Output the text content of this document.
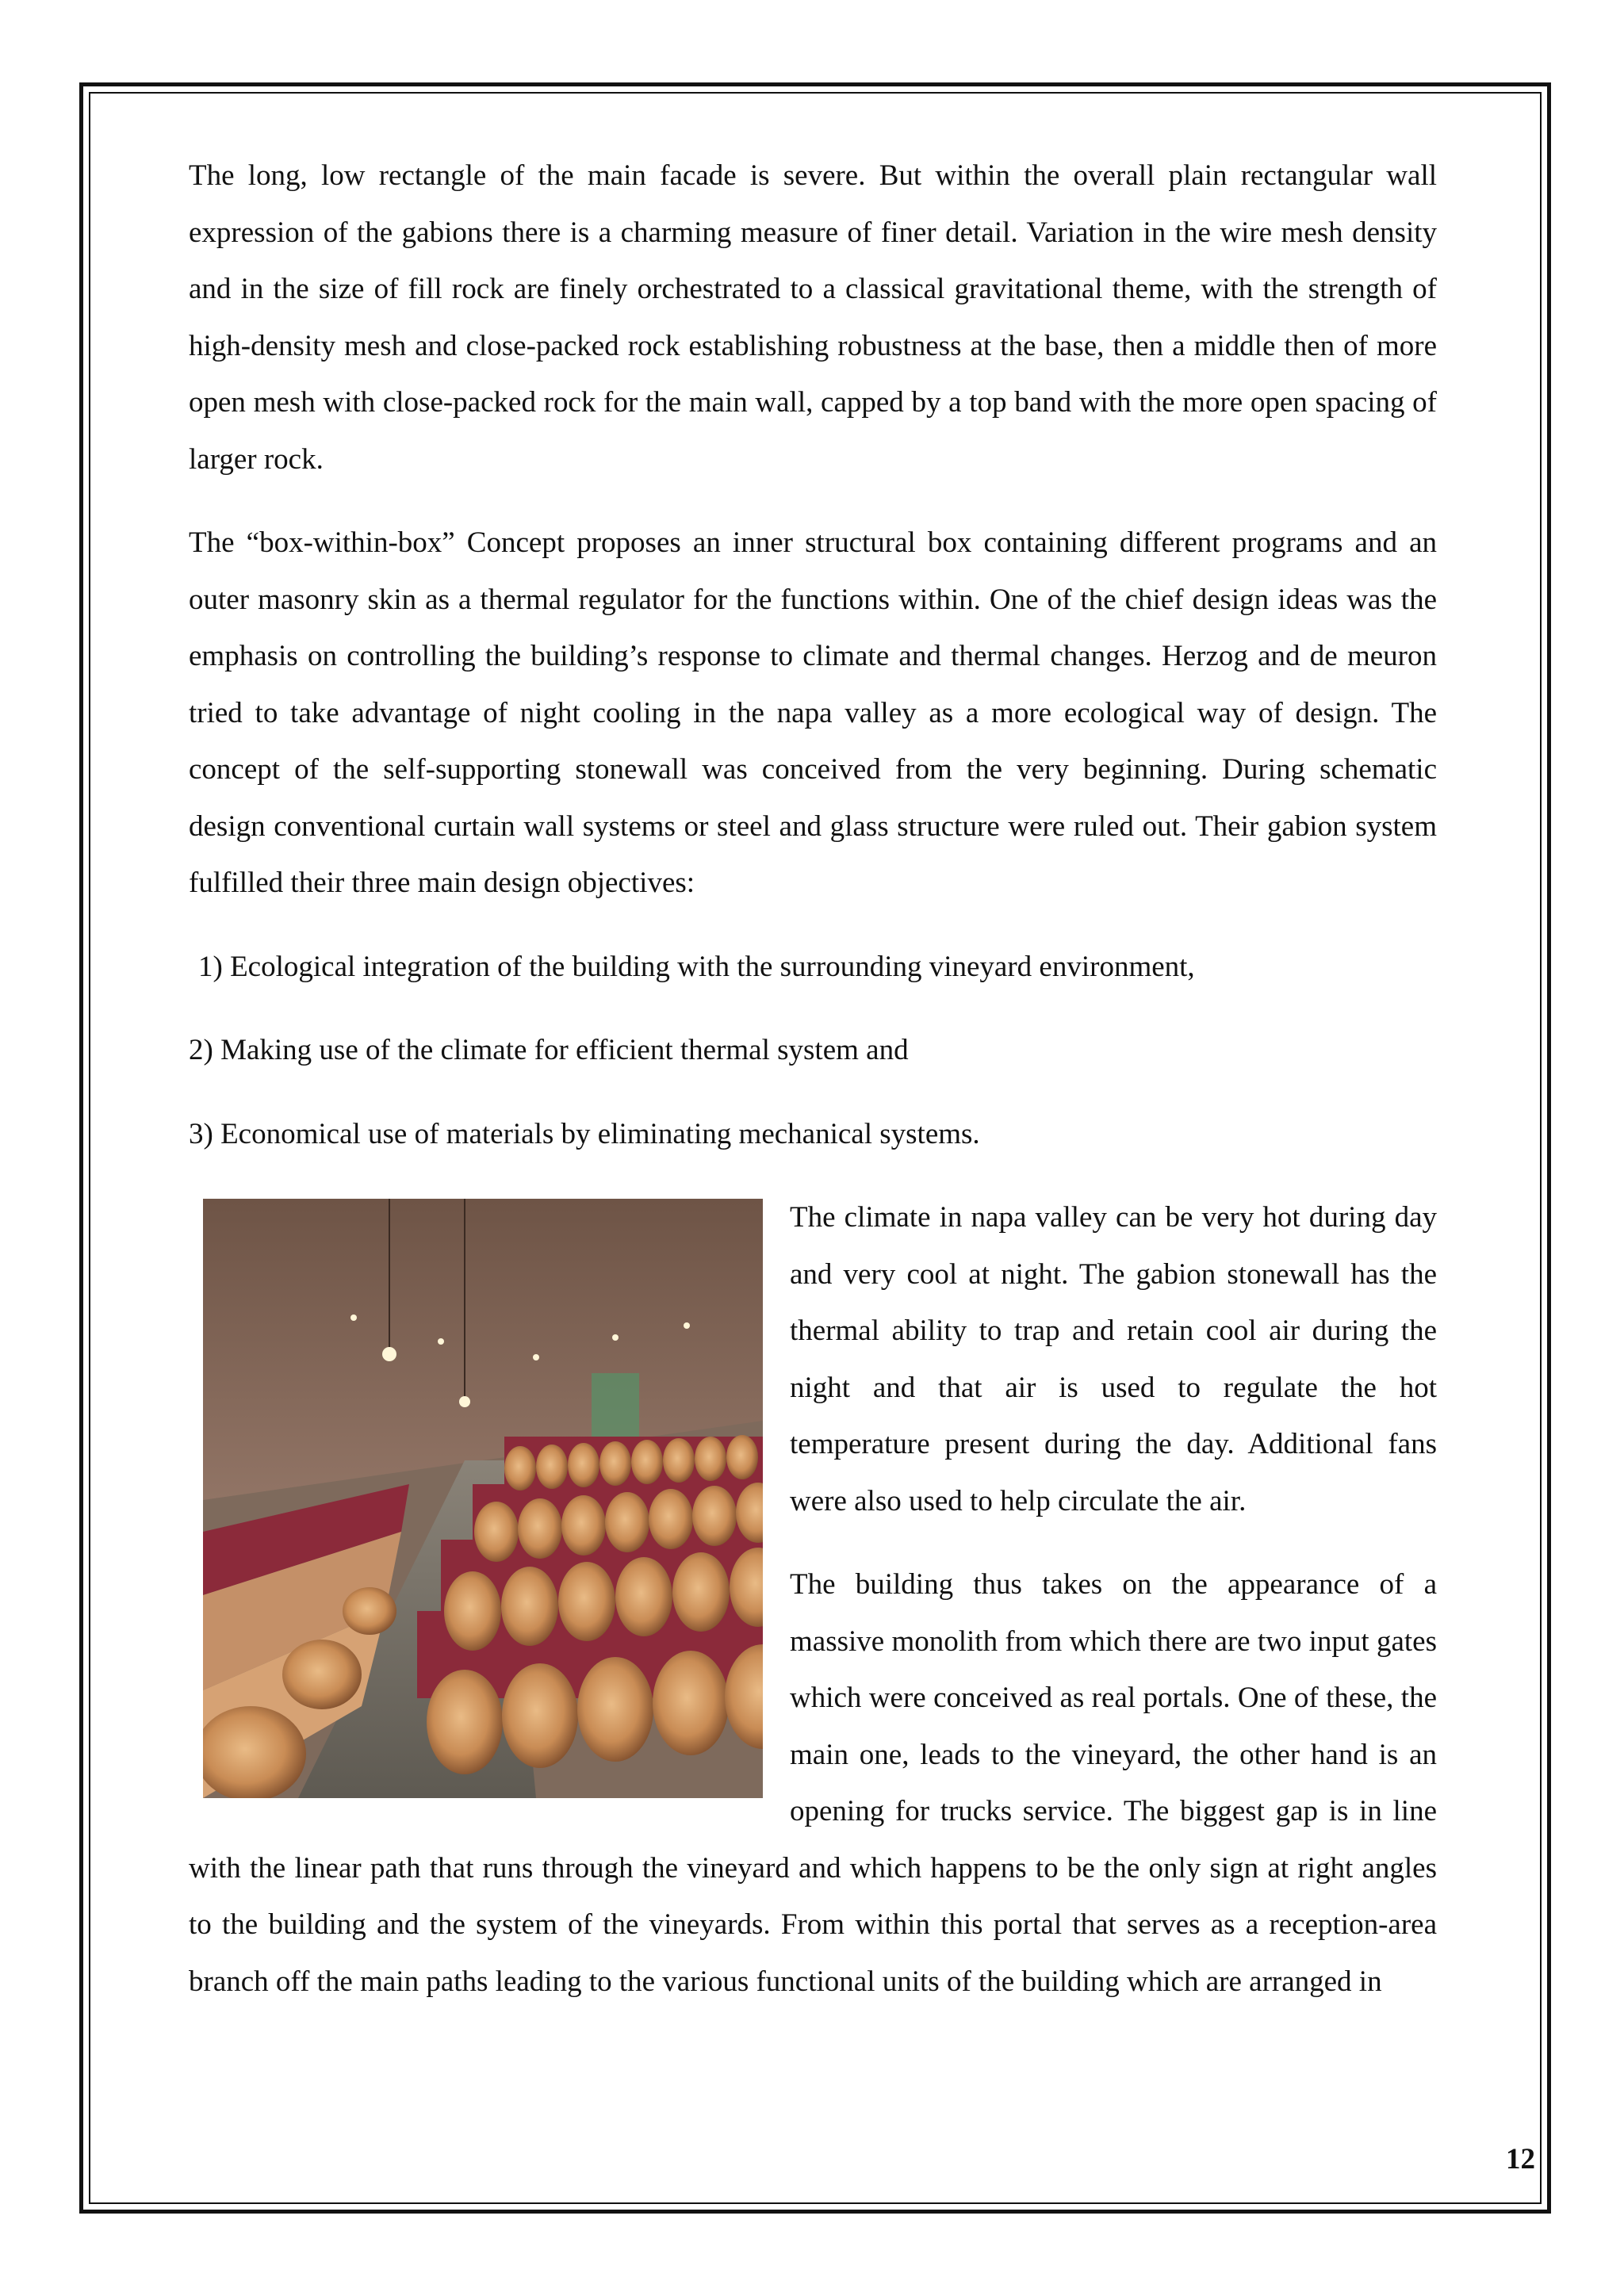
The long, low rectangle of the main facade is severe. But within the overall plain rectangular wall expression of the gabions there is a charming measure of finer detail. Variation in the wire mesh density and in the size of fill rock are finely orchestrated to a classical gravitational theme, with the strength of high-density mesh and close-packed rock establishing robustness at the base, then a middle then of more open mesh with close-packed rock for the main wall, capped by a top band with the more open spacing of larger rock.

The “box-within-box” Concept proposes an inner structural box containing different programs and an outer masonry skin as a thermal regulator for the functions within. One of the chief design ideas was the emphasis on controlling the building’s response to climate and thermal changes. Herzog and de meuron tried to take advantage of night cooling in the napa valley as a more ecological way of design. The concept of the self-supporting stonewall was conceived from the very beginning. During schematic design conventional curtain wall systems or steel and glass structure were ruled out. Their gabion system fulfilled their three main design objectives:

1) Ecological integration of the building with the surrounding vineyard environment,
2) Making use of the climate for efficient thermal system and
3) Economical use of materials by eliminating mechanical systems.

The climate in napa valley can be very hot during day and very cool at night. The gabion stonewall has the thermal ability to trap and retain cool air during the night and that air is used to regulate the hot temperature present during the day. Additional fans were also used to help circulate the air.

The building thus takes on the appearance of a massive monolith from which there are two input gates which were conceived as real portals. One of these, the main one, leads to the vineyard, the other hand is an opening for trucks service. The biggest gap is in line with the linear path that runs through the vineyard and which happens to be the only sign at right angles to the building and the system of the vineyards. From within this portal that serves as a reception-area branch off the main paths leading to the various functional units of the building which are arranged in

12
